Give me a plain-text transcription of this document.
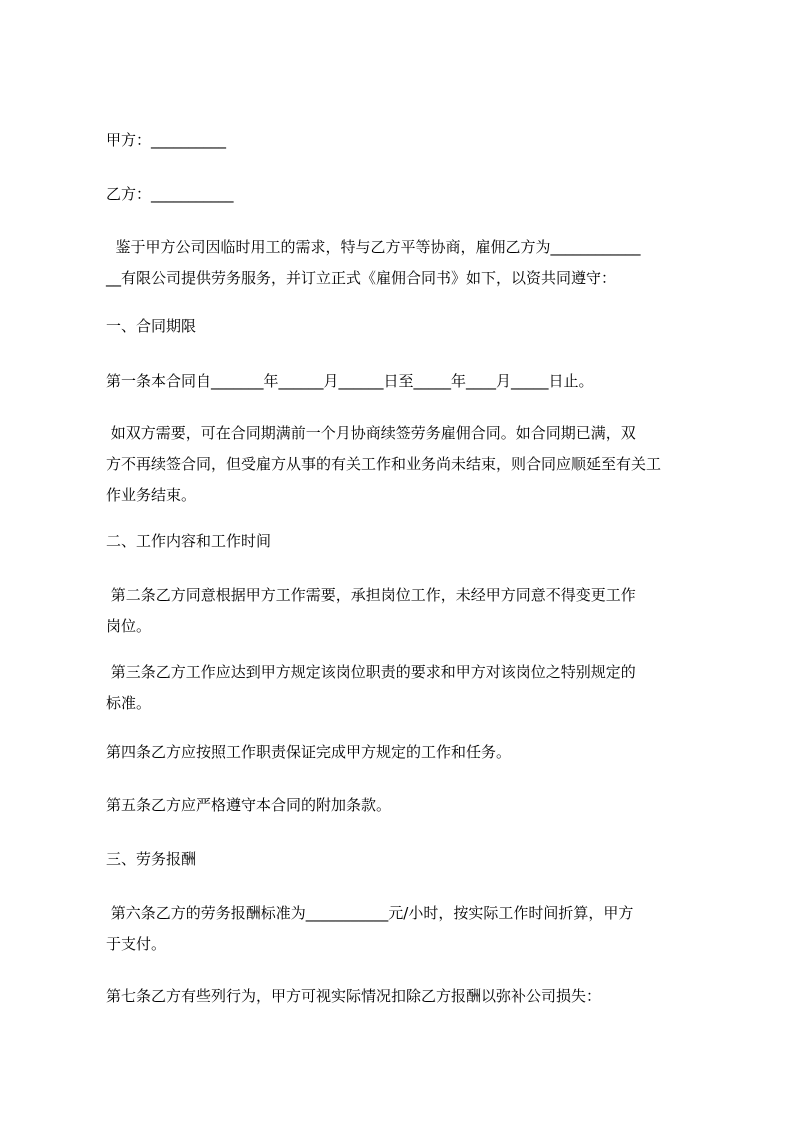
甲方：__________

乙方：___________

鉴于甲方公司因临时用工的需求，特与乙方平等协商，雇佣乙方为____________
__有限公司提供劳务服务，并订立正式《雇佣合同书》如下，以资共同遵守：

一、合同期限

第一条本合同自_______年______月______日至_____年____月_____日止。

如双方需要，可在合同期满前一个月协商续签劳务雇佣合同。如合同期已满，双
方不再续签合同，但受雇方从事的有关工作和业务尚未结束，则合同应顺延至有关工
作业务结束。

二、工作内容和工作时间

第二条乙方同意根据甲方工作需要，承担岗位工作，未经甲方同意不得变更工作
岗位。

第三条乙方工作应达到甲方规定该岗位职责的要求和甲方对该岗位之特别规定的
标准。

第四条乙方应按照工作职责保证完成甲方规定的工作和任务。

第五条乙方应严格遵守本合同的附加条款。

三、劳务报酬

第六条乙方的劳务报酬标准为___________元/小时，按实际工作时间折算，甲方
于支付。

第七条乙方有些列行为，甲方可视实际情况扣除乙方报酬以弥补公司损失：
